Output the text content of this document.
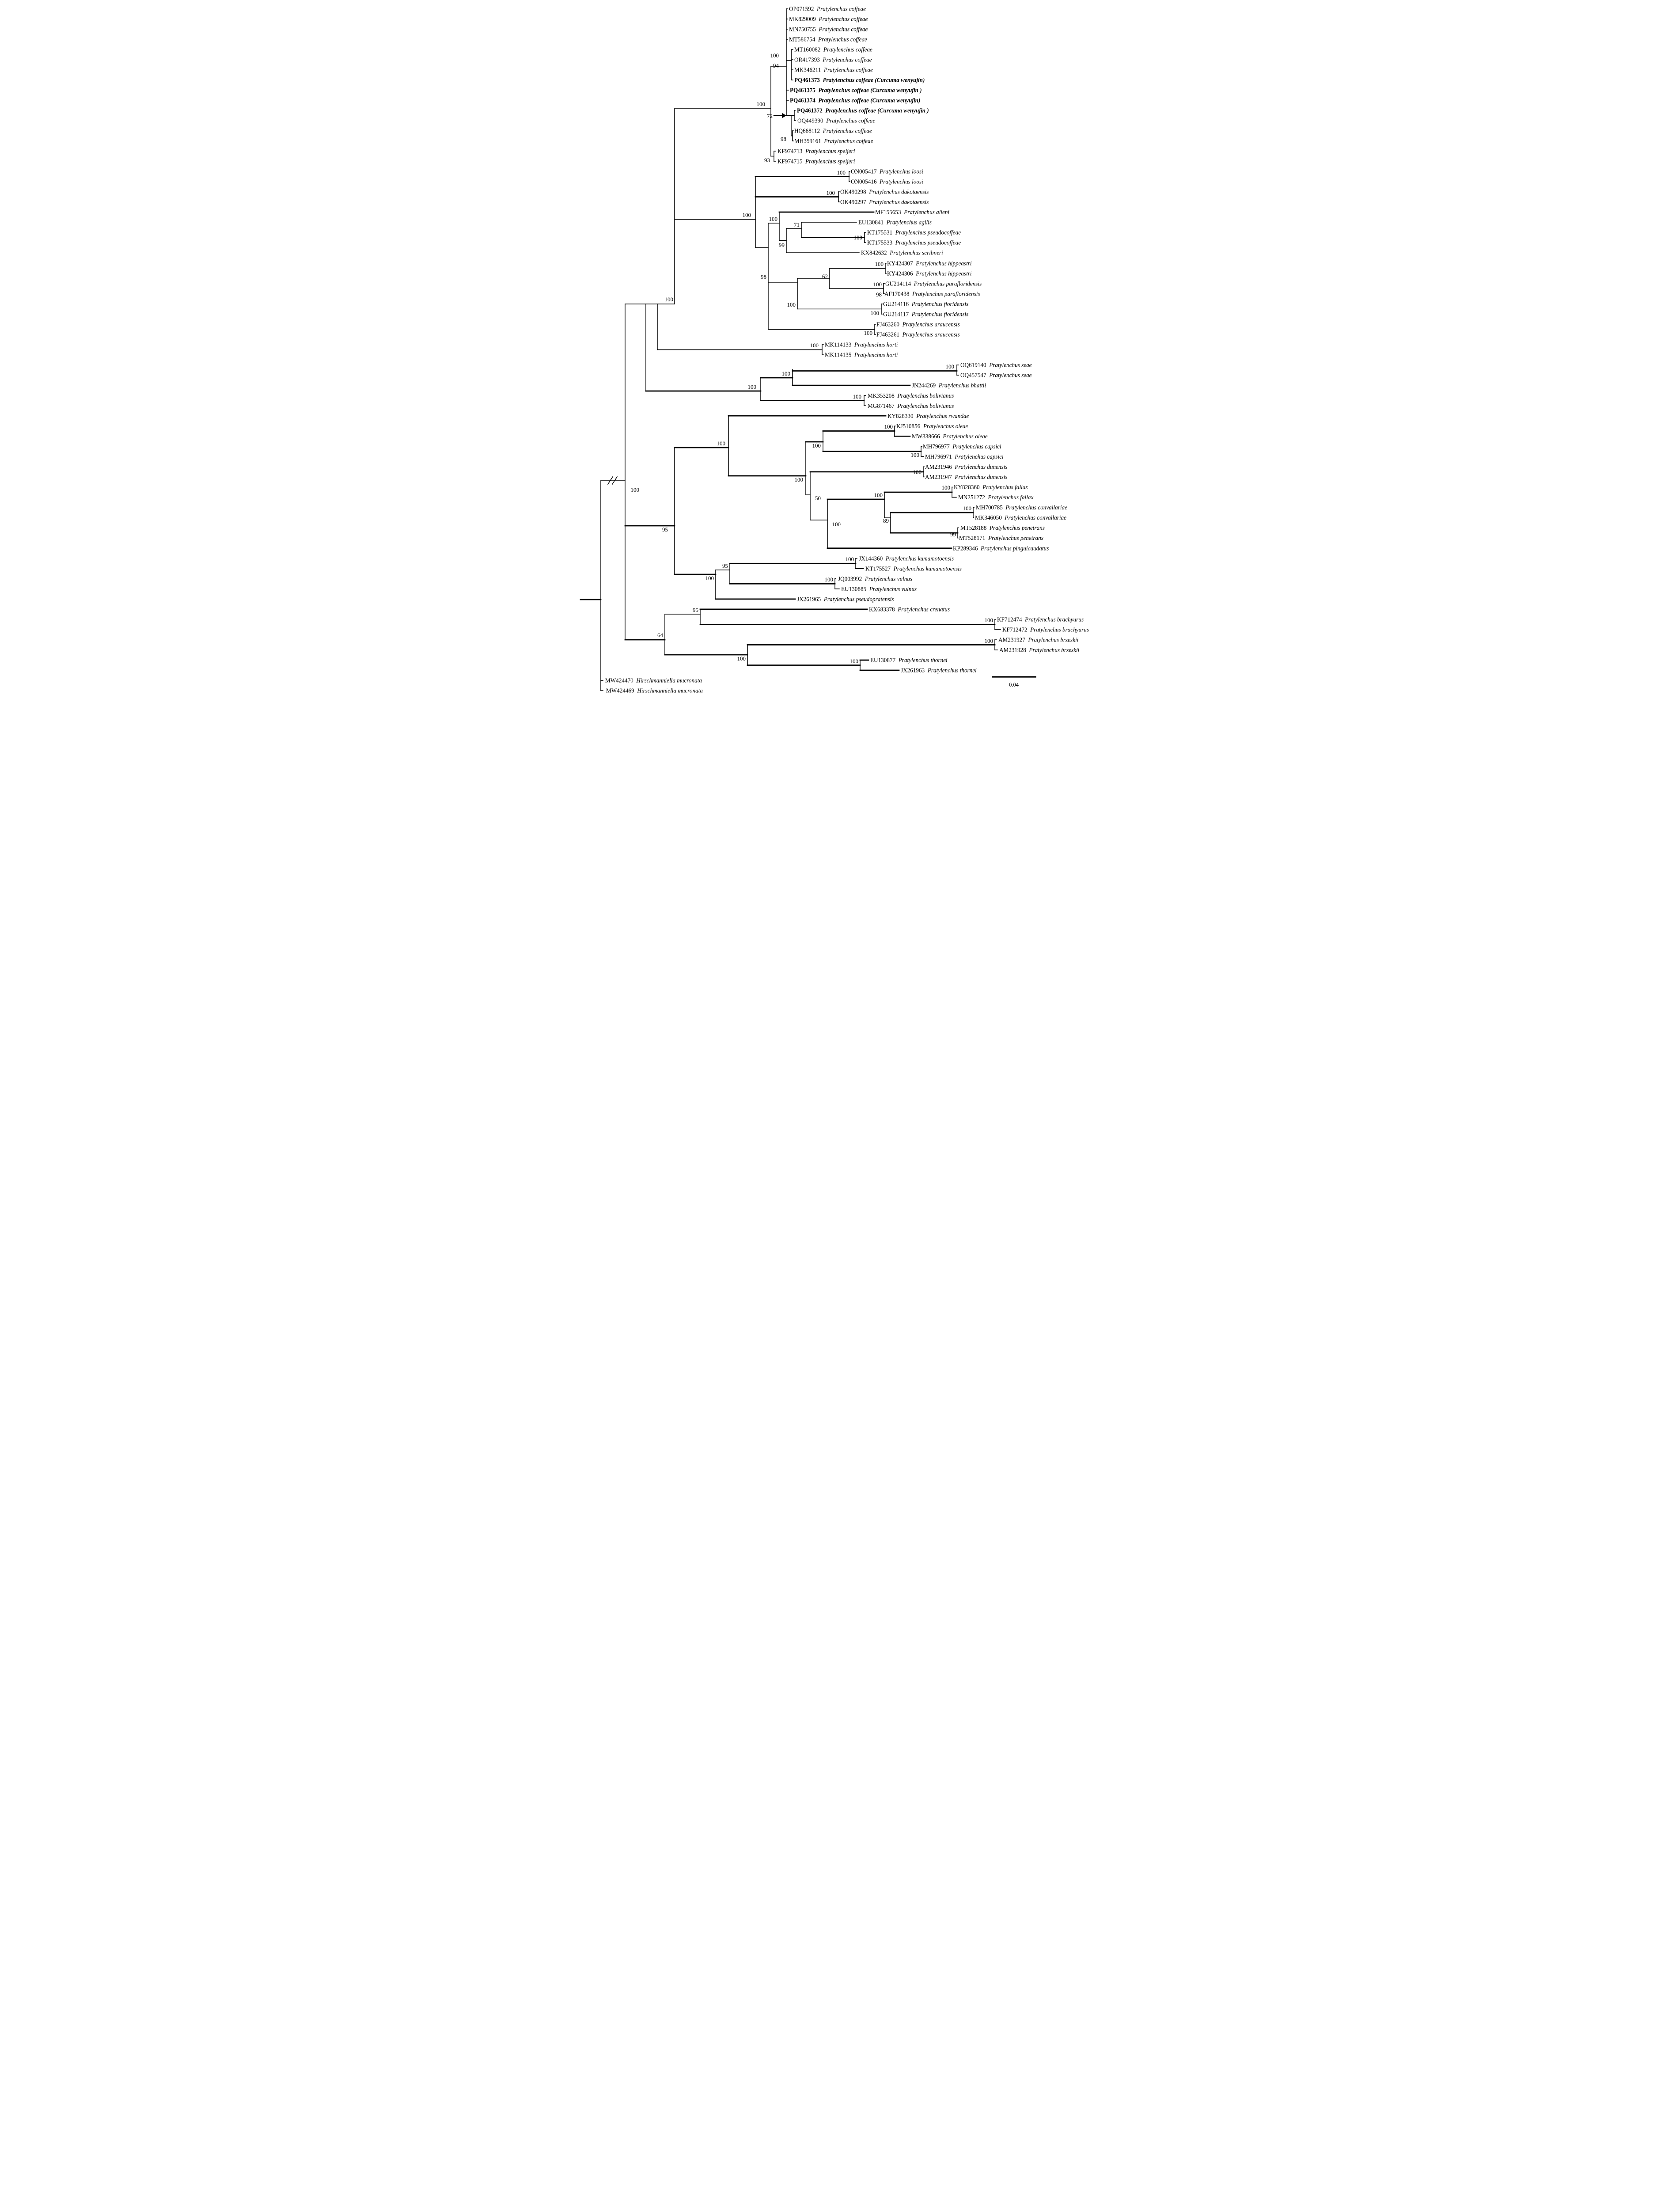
100
94
72
98
93
100
100
100
100
100
100
71
100
99
98
100
62
100
98
100
100
100
100
100
100
100
100
100
100
100
100
100
50
100
100
100
100
89
100
99
95
100
95
100
100
64
95
100
100
100
100
100
OP071592 Pratylenchus coffeae
MK829009 Pratylenchus coffeae
MN750755 Pratylenchus coffeae
MT586754 Pratylenchus coffeae
MT160082 Pratylenchus coffeae
OR417393 Pratylenchus coffeae
MK346211 Pratylenchus coffeae
PQ461373 Pratylenchus coffeae (Curcuma wenyujin)
PQ461375 Pratylenchus coffeae (Curcuma wenyujin )
PQ461374 Pratylenchus coffeae (Curcuma wenyujin)
PQ461372 Pratylenchus coffeae (Curcuma wenyujin )
OQ449390 Pratylenchus coffeae
HQ668112 Pratylenchus coffeae
MH359161 Pratylenchus coffeae
KF974713 Pratylenchus speijeri
KF974715 Pratylenchus speijeri
ON005417 Pratylenchus loosi
ON005416 Pratylenchus loosi
OK490298 Pratylenchus dakotaensis
OK490297 Pratylenchus dakotaensis
MF155653 Pratylenchus alleni
EU130841 Pratylenchus agilis
KT175531 Pratylenchus pseudocoffeae
KT175533 Pratylenchus pseudocoffeae
KX842632 Pratylenchus scribneri
KY424307 Pratylenchus hippeastri
KY424306 Pratylenchus hippeastri
GU214114 Pratylenchus parafloridensis
AF170438 Pratylenchus parafloridensis
GU214116 Pratylenchus floridensis
GU214117 Pratylenchus floridensis
FJ463260 Pratylenchus araucensis
FJ463261 Pratylenchus araucensis
MK114133 Pratylenchus horti
MK114135 Pratylenchus horti
OQ619140 Pratylenchus zeae
OQ457547 Pratylenchus zeae
JN244269 Pratylenchus bhattii
MK353208 Pratylenchus bolivianus
MG871467 Pratylenchus bolivianus
KY828330 Pratylenchus rwandae
KJ510856 Pratylenchus oleae
MW338666 Pratylenchus oleae
MH796977 Pratylenchus capsici
MH796971 Pratylenchus capsici
AM231946 Pratylenchus dunensis
AM231947 Pratylenchus dunensis
KY828360 Pratylenchus fallax
MN251272 Pratylenchus fallax
MH700785 Pratylenchus convallariae
MK346050 Pratylenchus convallariae
MT528188 Pratylenchus penetrans
MT528171 Pratylenchus penetrans
KP289346 Pratylenchus pinguicaudatus
JX144360 Pratylenchus kumamotoensis
KT175527 Pratylenchus kumamotoensis
JQ003992 Pratylenchus vulnus
EU130885 Pratylenchus vulnus
JX261965 Pratylenchus pseudopratensis
KX683378 Pratylenchus crenatus
KF712474 Pratylenchus brachyurus
KF712472 Pratylenchus brachyurus
AM231927 Pratylenchus brzeskii
AM231928 Pratylenchus brzeskii
EU130877 Pratylenchus thornei
JX261963 Pratylenchus thornei
MW424470 Hirschmanniella mucronata
MW424469 Hirschmanniella mucronata
0.04
